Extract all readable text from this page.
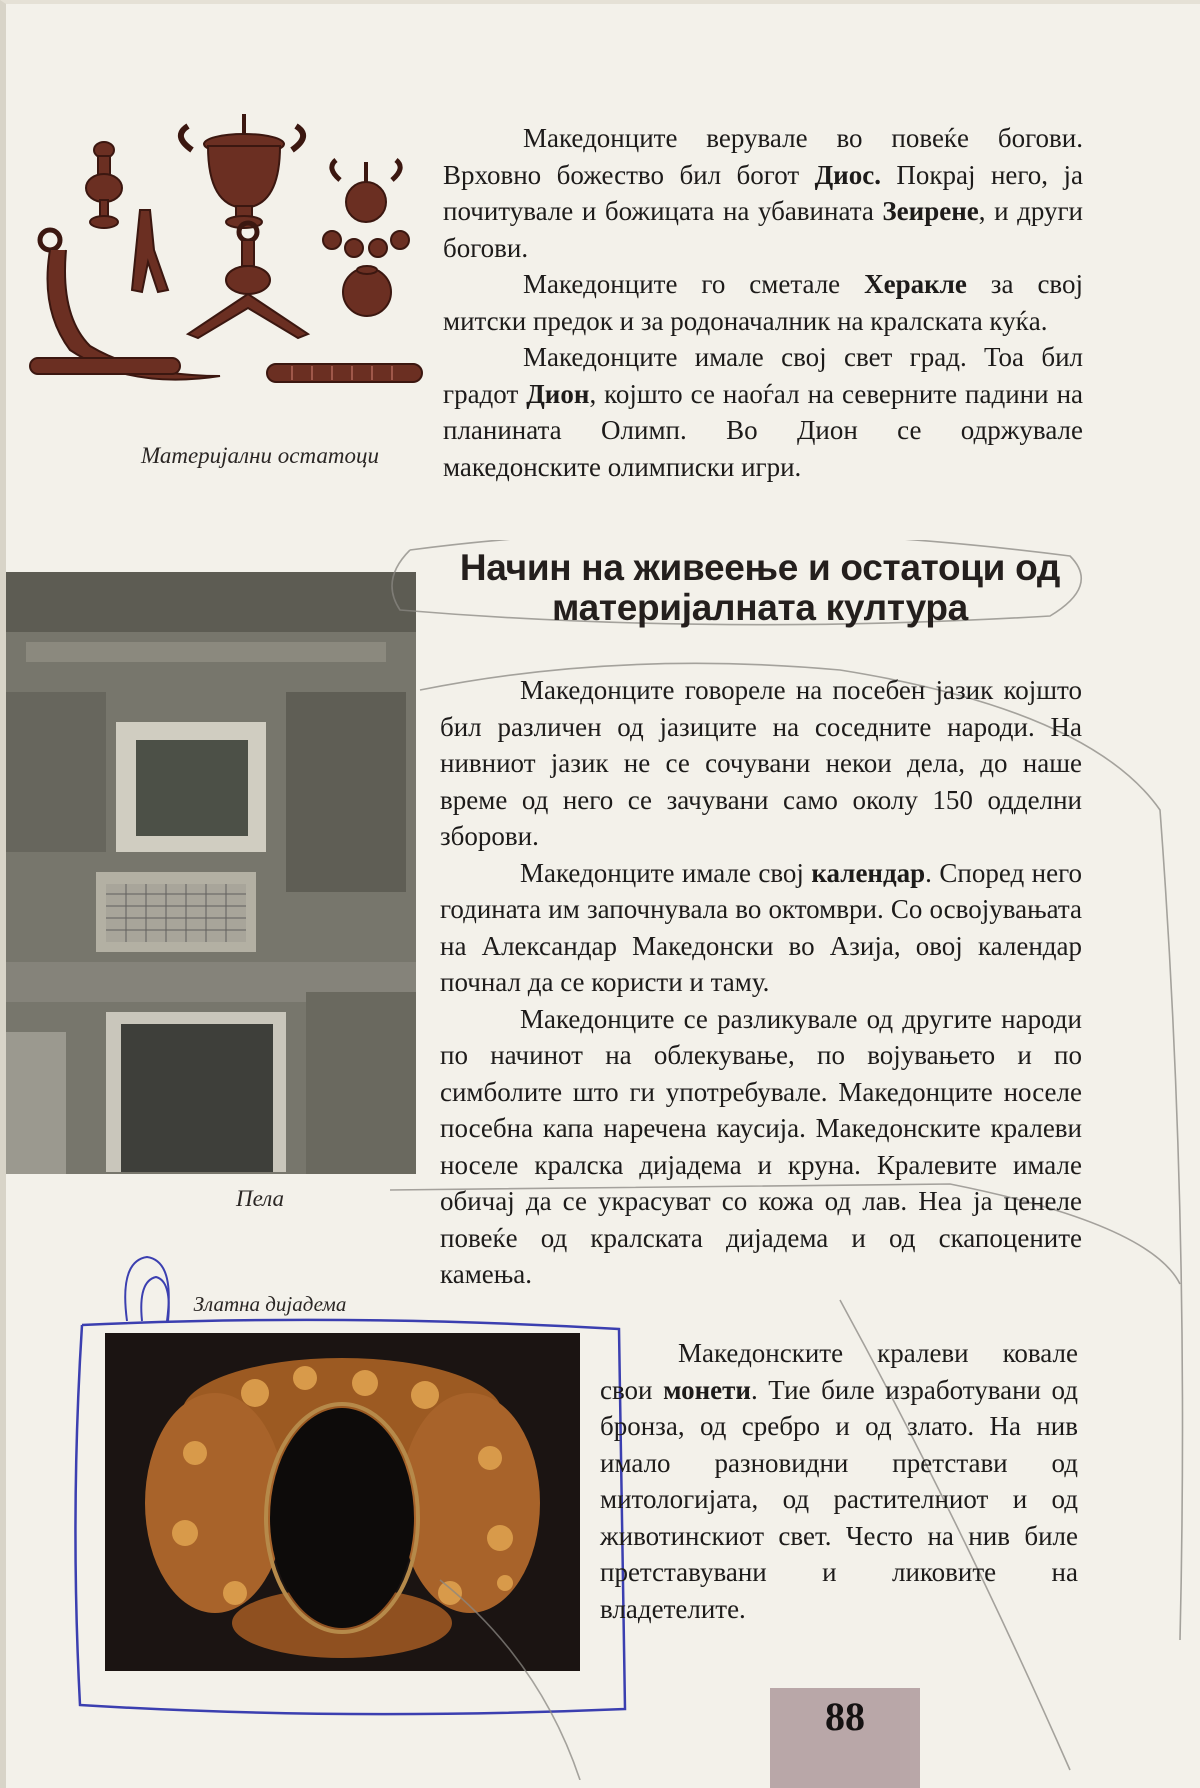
Материјални остатоци
Пела
Златна дијадема

Македонците верувале во повеќе богови. Врховно божество бил богот Диос. Покрај него, ја почитувале и божицата на убавината Зеирене, и други богови.

Македонците го сметале Херакле за свој митски предок и за родоначалник на кралската куќа.

Македонците имале свој свет град. Тоа бил градот Дион, којшто се наоѓал на северните падини на планината Олимп. Во Дион се одржувале македонските олимписки игри.

Начин на живеење и остатоци од
материјалната култура

Македонците говореле на посебен јазик којшто бил различен од јазиците на соседните народи. На нивниот јазик не се сочувани некои дела, до наше време од него се зачувани само околу 150 одделни зборови.

Македонците имале свој календар. Според него годината им започнувала во октомври. Со освојувањата на Александар Македонски во Азија, овој календар почнал да се користи и таму.

Македонците се разликувале од другите народи по начинот на облекување, по војувањето и по симболите што ги употребувале. Македонците носеле посебна капа наречена каусија. Македонските кралеви носеле кралска дијадема и круна. Кралевите имале обичај да се украсуват со кожа од лав. Неа ја ценеле повеќе од кралската дијадема и од скапоцените камења.

Македонските кралеви ковале свои монети. Тие биле изработувани од бронза, од сребро и од злато. На нив имало разновидни претстави од митологијата, од растителниот и од животинскиот свет. Често на нив биле претставувани и ликовите на владетелите.

88
